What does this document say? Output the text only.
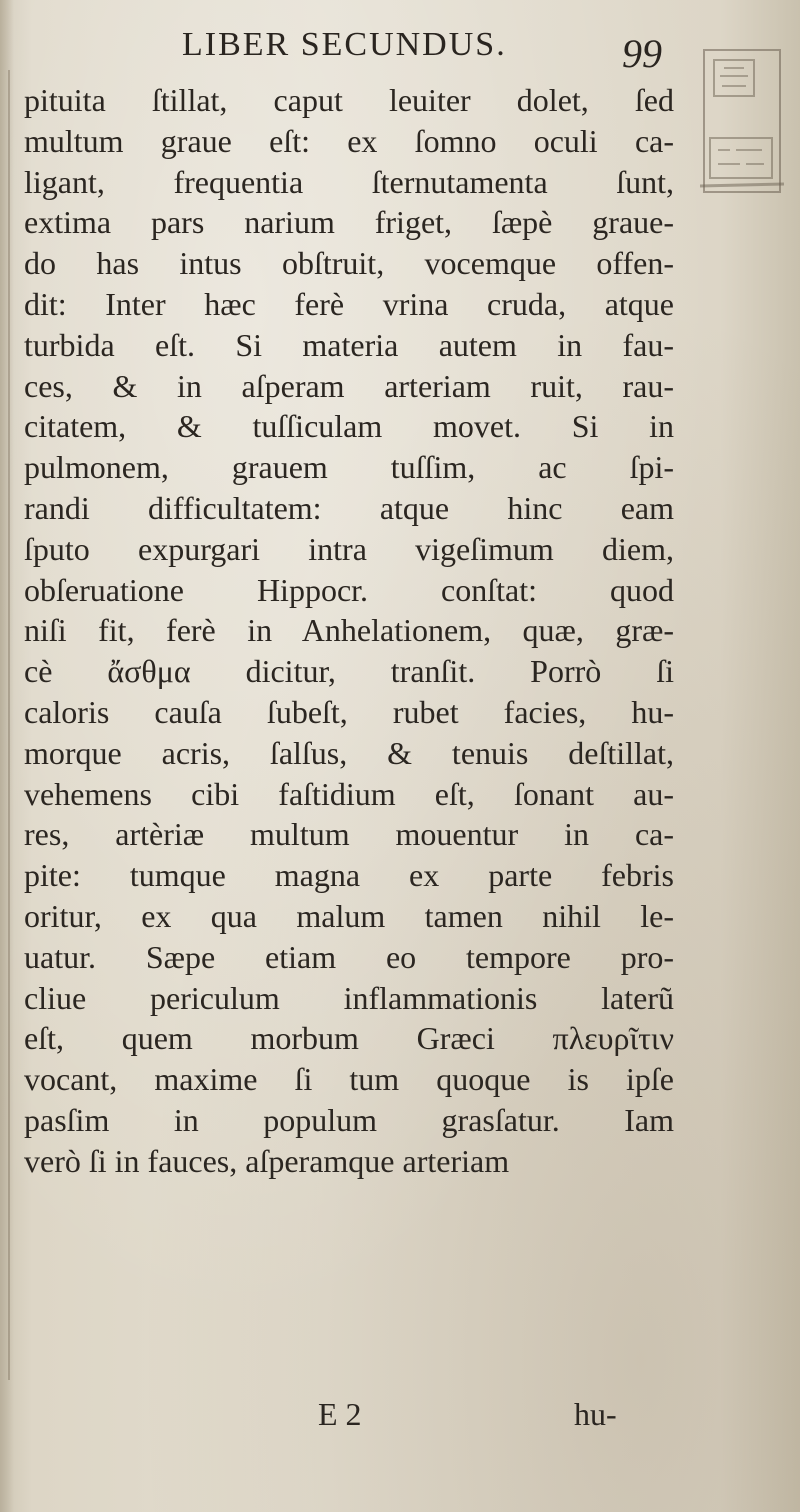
LIBER SECUNDUS.	99
pituita ſtillat, caput leuiter dolet, ſed
multum graue eſt: ex ſomno oculi ca-
ligant, frequentia ſternutamenta ſunt,
extima pars narium friget, ſæpè graue-
do has intus obſtruit, vocemque offen-
dit: Inter hæc ferè vrina cruda, atque
turbida eſt. Si materia autem in fau-
ces, & in aſperam arteriam ruit, rau-
citatem, & tuſſiculam movet. Si in
pulmonem, grauem tuſſim, ac ſpi-
randi difficultatem: atque hinc eam
ſputo expurgari intra vigeſimum diem,
obſeruatione Hippocr. conſtat: quod
niſi fit, ferè in Anhelationem, quæ, græ-
cè ἄσθμα dicitur, tranſit. Porrò ſi
caloris cauſa ſubeſt, rubet facies, hu-
morque acris, ſalſus, & tenuis deſtillat,
vehemens cibi faſtidium eſt, ſonant au-
res, artèriæ multum mouentur in ca-
pite: tumque magna ex parte febris
oritur, ex qua malum tamen nihil le-
uatur. Sæpe etiam eo tempore pro-
cliue periculum inflammationis laterũ
eſt, quem morbum Græci πλευρῖτιν
vocant, maxime ſi tum quoque is ipſe
pasſim in populum grasſatur. Iam
verò ſi in fauces, aſperamque arteriam
E 2	hu-
